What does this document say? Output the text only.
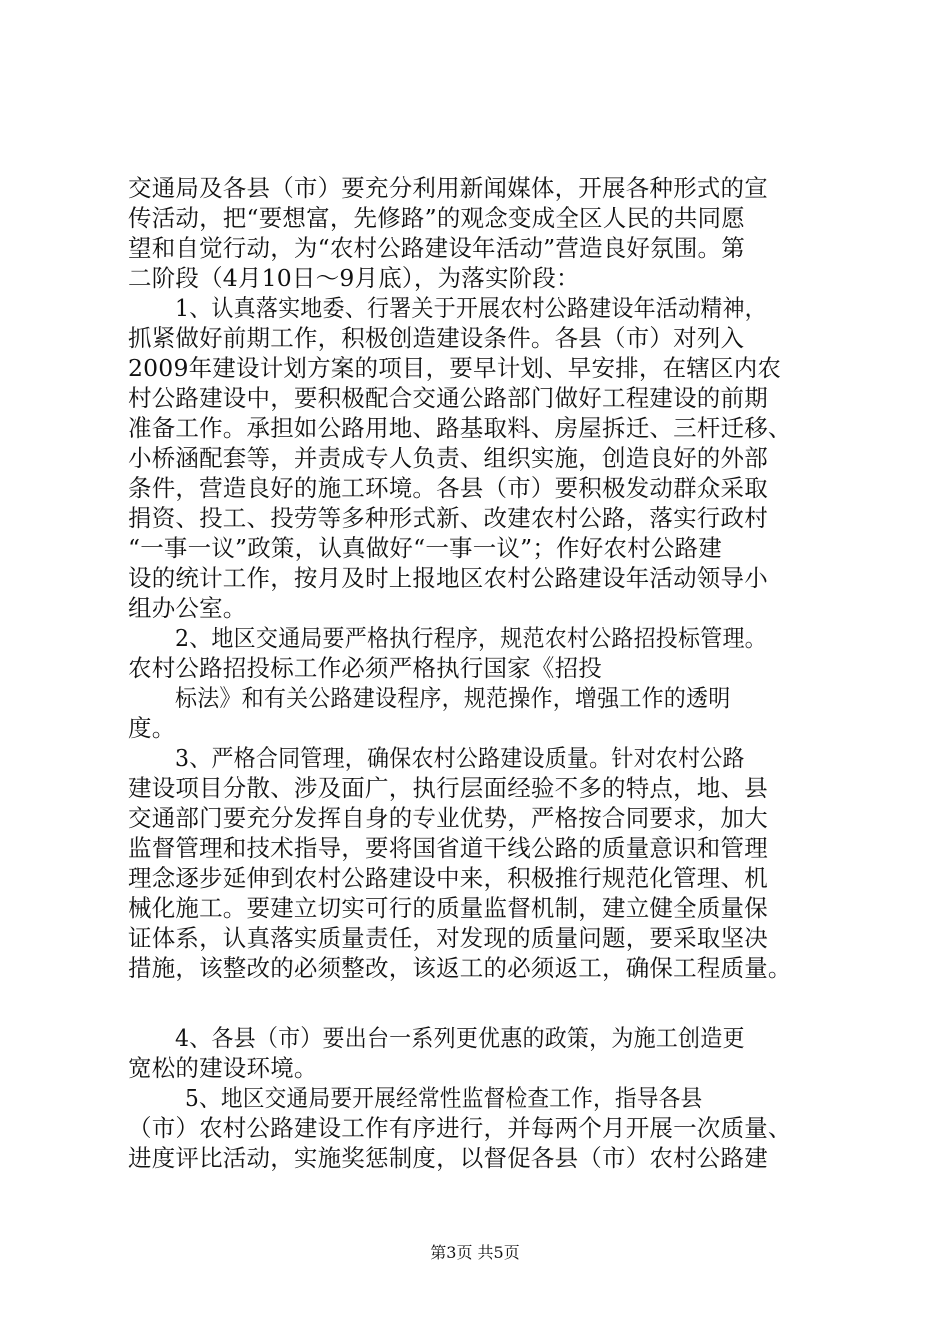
交通局及各县（市）要充分利用新闻媒体，开展各种形式的宣
传活动，把“要想富，先修路”的观念变成全区人民的共同愿
望和自觉行动，为“农村公路建设年活动”营造良好氛围。第
二阶段（4月10日～9月底），为落实阶段：
1、认真落实地委、行署关于开展农村公路建设年活动精神，
抓紧做好前期工作，积极创造建设条件。各县（市）对列入
2009年建设计划方案的项目，要早计划、早安排，在辖区内农
村公路建设中，要积极配合交通公路部门做好工程建设的前期
准备工作。承担如公路用地、路基取料、房屋拆迁、三杆迁移、
小桥涵配套等，并责成专人负责、组织实施，创造良好的外部
条件，营造良好的施工环境。各县（市）要积极发动群众采取
捐资、投工、投劳等多种形式新、改建农村公路，落实行政村
“一事一议”政策，认真做好“一事一议”；作好农村公路建
设的统计工作，按月及时上报地区农村公路建设年活动领导小
组办公室。
2、地区交通局要严格执行程序，规范农村公路招投标管理。
农村公路招投标工作必须严格执行国家《招投
标法》和有关公路建设程序，规范操作，增强工作的透明
度。
3、严格合同管理，确保农村公路建设质量。针对农村公路
建设项目分散、涉及面广，执行层面经验不多的特点，地、县
交通部门要充分发挥自身的专业优势，严格按合同要求，加大
监督管理和技术指导，要将国省道干线公路的质量意识和管理
理念逐步延伸到农村公路建设中来，积极推行规范化管理、机
械化施工。要建立切实可行的质量监督机制，建立健全质量保
证体系，认真落实质量责任，对发现的质量问题，要采取坚决
措施，该整改的必须整改，该返工的必须返工，确保工程质量。
4、各县（市）要出台一系列更优惠的政策，为施工创造更
宽松的建设环境。
5、地区交通局要开展经常性监督检查工作，指导各县
（市）农村公路建设工作有序进行，并每两个月开展一次质量、
进度评比活动，实施奖惩制度，以督促各县（市）农村公路建
第3页 共5页
